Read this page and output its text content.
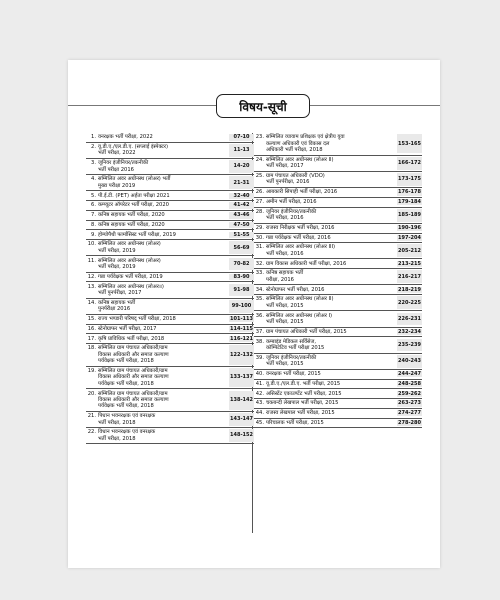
विषय-सूची
1. वनरक्षक भर्ती परीक्षा, 2022	07-10
2. यू.डी.ए./एल.डी.ए. (सप्लाई इंस्पेक्टर)
भर्ती परीक्षा, 2022
11-13
3. जूनियर इंजीनियर/तकनीकी
भर्ती परीक्षा 2016
14-20
4. सम्मिलित अवर अधीनस्थ (लोअर) भर्ती
मुख्य परीक्षा 2019
21-31
5. पी.ई.टी. (PET) अर्हता परीक्षा 2021	32-40
6. कम्प्यूटर ऑपरेटर भर्ती परीक्षा, 2020	41-42
7. कनिष्ठ सहायक भर्ती परीक्षा, 2020	43-46
8. कनिष्ठ सहायक भर्ती परीक्षा, 2020	47-50
9. होम्योपैथी फार्मासिस्ट भर्ती परीक्षा, 2019	51-55
10. सम्मिलित अवर अधीनस्थ (लोअर)
भर्ती परीक्षा, 2019
56-69
11. सम्मिलित अवर अधीनस्थ (लोअर)
भर्ती परीक्षा, 2019
70-82
12. गन्ना पर्यवेक्षक भर्ती परीक्षा, 2019	83-90
13. सम्मिलित अवर अधीनस्थ (लोअर॥)
भर्ती पुनर्परीक्षा, 2017
91-98
14. कनिष्ठ सहायक भर्ती
पुनर्परीक्षा 2016
99-100
15. राज्य भण्डारी परिषद् भर्ती परीक्षा, 2018	101-113
16. स्टेनोग्राफर भर्ती परीक्षा, 2017	114-115
17. कृषि प्राविधिक भर्ती परीक्षा, 2018	116-121
18. सम्मिलित ग्राम पंचायत अधिकारी/ग्राम
विकास अधिकारी और समाज कल्याण
पर्यवेक्षक भर्ती परीक्षा, 2018
122-132
19. सम्मिलित ग्राम पंचायत अधिकारी/ग्राम
विकास अधिकारी और समाज कल्याण
पर्यवेक्षक भर्ती परीक्षा, 2018
133-137
20. सम्मिलित ग्राम पंचायत अधिकारी/ग्राम
विकास अधिकारी और समाज कल्याण
पर्यवेक्षक भर्ती परीक्षा, 2018
138-142
21. पिधान भवनरक्षक एवं वनरक्षक
भर्ती परीक्षा, 2018
143-147
22. विधान भवनरक्षक एवं वनरक्षक
भर्ती परीक्षा, 2018
148-152
23. सम्मिलित व्यायाम प्रशिक्षक एवं क्षेत्रीय युवा
कल्याण अधिकारी एवं विकास दल
अधिकारी भर्ती परीक्षा, 2018
153-165
24. सम्मिलित अवर अधीनस्थ (लोअर II)
भर्ती परीक्षा, 2017
166-172
25. ग्राम पंचायत अधिकारी (VDO)
भर्ती पुनर्परीक्षा, 2016
173-175
26. आबकारी सिपाही भर्ती परीक्षा, 2016	176-178
27. अमीन भर्ती परीक्षा, 2016	179-184
28. जूनियर इंजीनियर/तकनीकी
भर्ती परीक्षा, 2016
185-189
29. राजस्व निरीक्षक भर्ती परीक्षा, 2016	190-196
30. गन्ना पर्यवेक्षक भर्ती परीक्षा, 2016	197-204
31. सम्मिलित अवर अधीनस्थ (लोअर III)
भर्ती परीक्षा, 2016
205-212
32. ग्राम विकास अधिकारी भर्ती परीक्षा, 2016	213-215
33. कनिष्ठ सहायक भर्ती
परीक्षा, 2016
216-217
34. स्टेनोग्राफर भर्ती परीक्षा, 2016	218-219
35. सम्मिलित अवर अधीनस्थ (लोअर II)
भर्ती परीक्षा, 2015
220-225
36. सम्मिलित अवर अधीनस्थ (लोअर I)
भर्ती परीक्षा, 2015
226-231
37. ग्राम पंचायत अधिकारी भर्ती परीक्षा, 2015	232-234
38. कम्बाइंड मेडिकल सर्विसेज,
कॉम्पिटेटिव भर्ती परीक्षा 2015
235-239
39. जूनियर इंजीनियर/तकनीकी
भर्ती परीक्षा, 2015
240-243
40. वनरक्षक भर्ती परीक्षा, 2015	244-247
41. यू.डी.ए./एल.डी.ए. भर्ती परीक्षा, 2015	248-258
42. असिस्टेंट एकाउण्टेंट भर्ती परीक्षा, 2015	259-262
43. चकबन्दी लेखपाल भर्ती परीक्षा, 2015	263-273
44. राजस्व लेखपाल भर्ती परीक्षा, 2015	274-277
45. परिचालक भर्ती परीक्षा, 2015	278-280
